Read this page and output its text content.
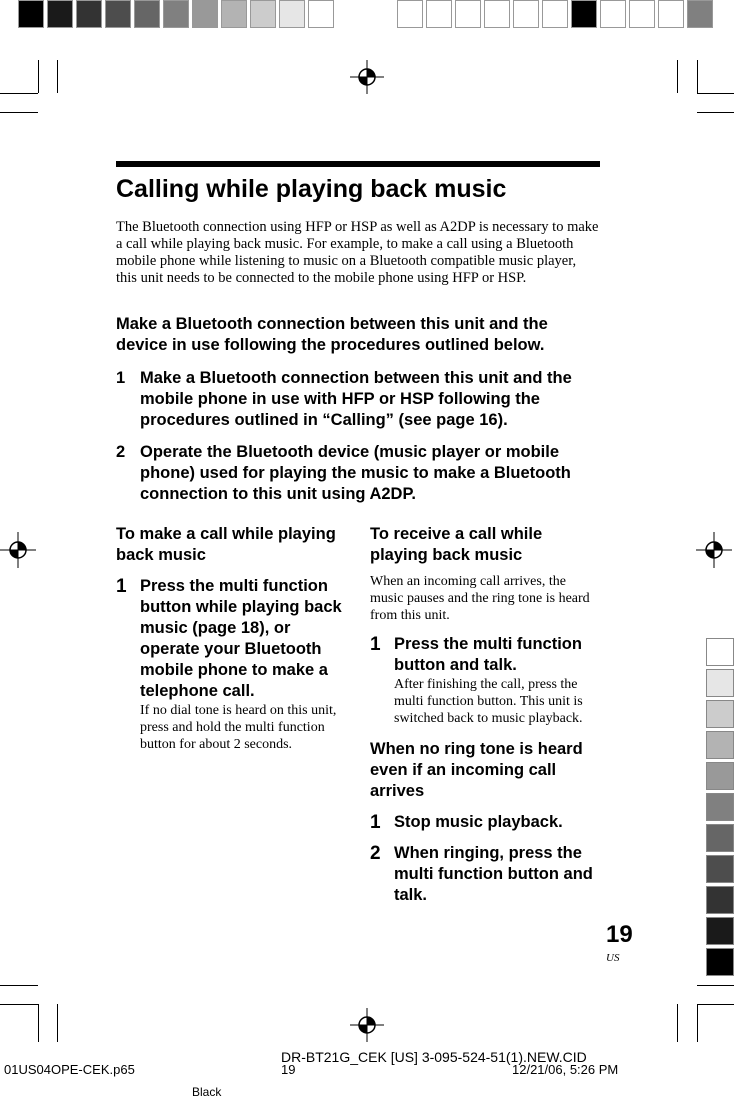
Calling while playing back music

The Bluetooth connection using HFP or HSP as well as A2DP is necessary to make a call while playing back music. For example, to make a call using a Bluetooth mobile phone while listening to music on a Bluetooth compatible music player, this unit needs to be connected to the mobile phone using HFP or HSP.

Make a Bluetooth connection between this unit and the device in use following the procedures outlined below.

1 Make a Bluetooth connection between this unit and the mobile phone in use with HFP or HSP following the procedures outlined in “Calling” (see page 16).
2 Operate the Bluetooth device (music player or mobile phone) used for playing the music to make a Bluetooth connection to this unit using A2DP.

To make a call while playing back music

1 Press the multi function button while playing back music (page 18), or operate your Bluetooth mobile phone to make a telephone call.
If no dial tone is heard on this unit, press and hold the multi function button for about 2 seconds.

To receive a call while playing back music

When an incoming call arrives, the music pauses and the ring tone is heard from this unit.
1 Press the multi function button and talk.
After finishing the call, press the multi function button. This unit is switched back to music playback.

When no ring tone is heard even if an incoming call arrives

1 Stop music playback.
2 When ringing, press the multi function button and talk.
19
US
01US04OPE-CEK.p65	19
DR-BT21G_CEK [US] 3-095-524-51(1).NEW.CID
12/21/06, 5:26 PM
Black
